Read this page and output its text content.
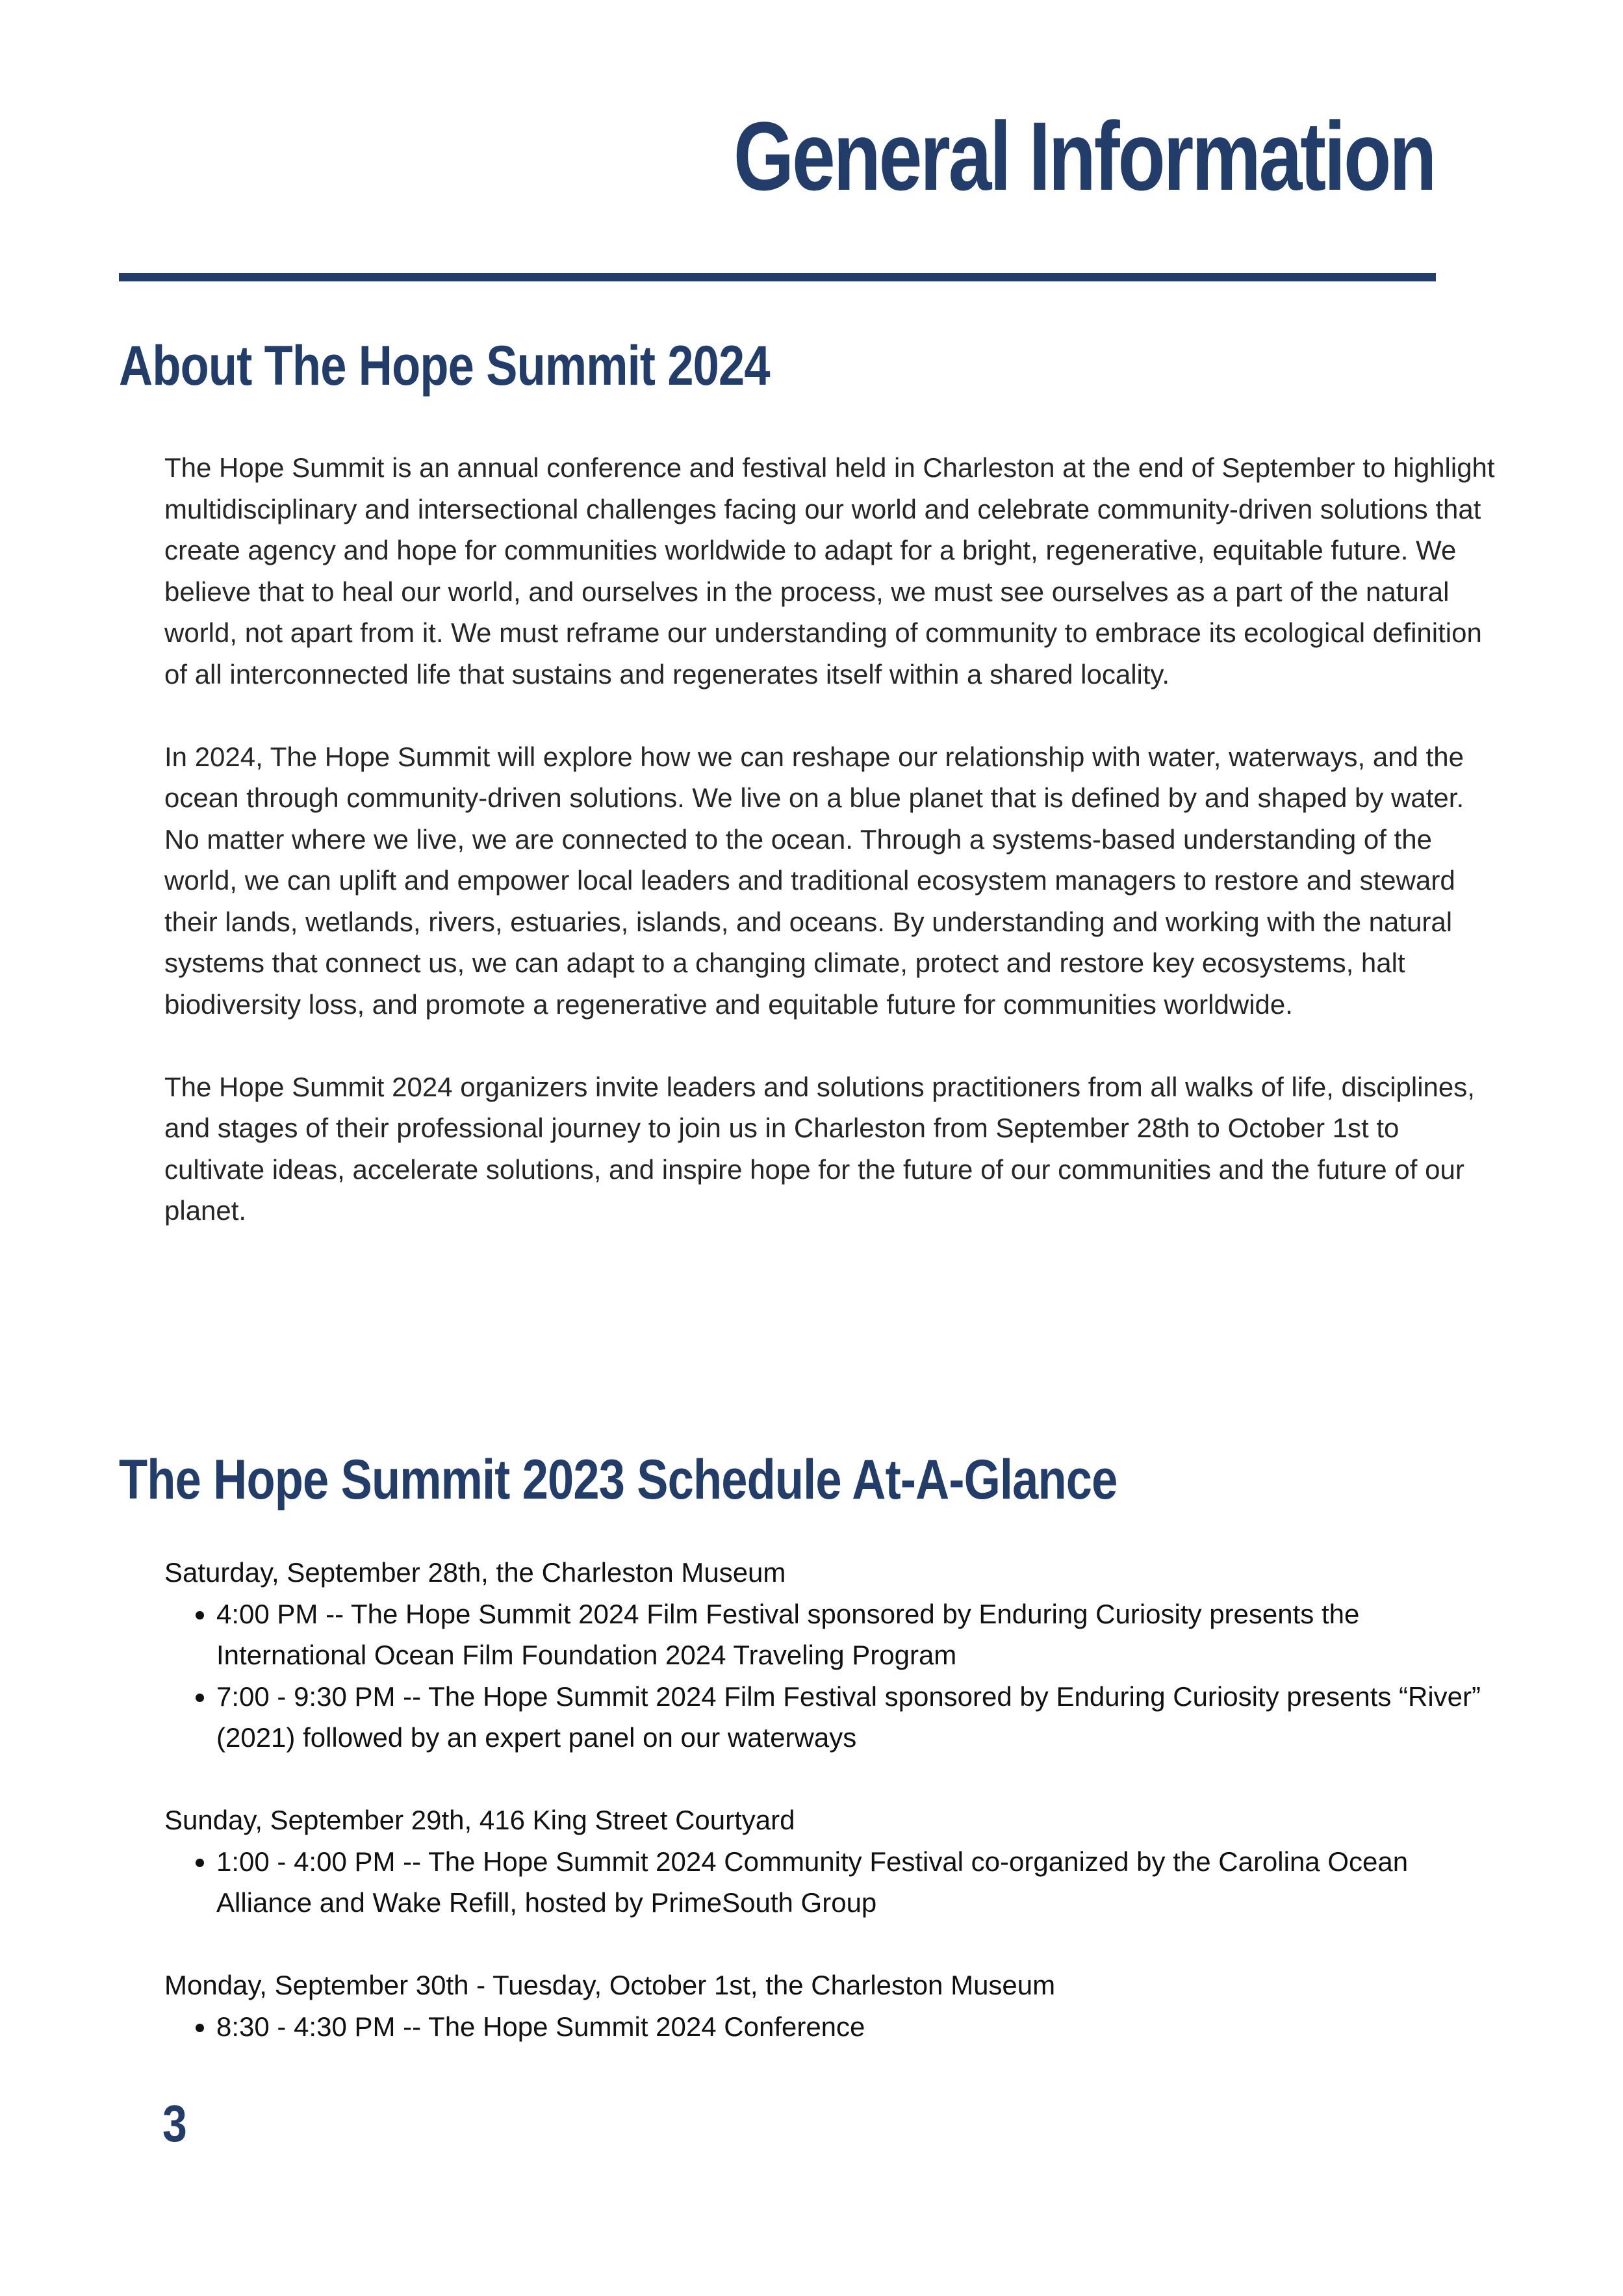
General Information
About The Hope Summit 2024

The Hope Summit is an annual conference and festival held in Charleston at the end of September to highlight multidisciplinary and intersectional challenges facing our world and celebrate community-driven solutions that create agency and hope for communities worldwide to adapt for a bright, regenerative, equitable future. We believe that to heal our world, and ourselves in the process, we must see ourselves as a part of the natural world, not apart from it. We must reframe our understanding of community to embrace its ecological definition of all interconnected life that sustains and regenerates itself within a shared locality.

In 2024, The Hope Summit will explore how we can reshape our relationship with water, waterways, and the ocean through community-driven solutions. We live on a blue planet that is defined by and shaped by water. No matter where we live, we are connected to the ocean. Through a systems-based understanding of the world, we can uplift and empower local leaders and traditional ecosystem managers to restore and steward their lands, wetlands, rivers, estuaries, islands, and oceans. By understanding and working with the natural systems that connect us, we can adapt to a changing climate, protect and restore key ecosystems, halt biodiversity loss, and promote a regenerative and equitable future for communities worldwide.

The Hope Summit 2024 organizers invite leaders and solutions practitioners from all walks of life, disciplines, and stages of their professional journey to join us in Charleston from September 28th to October 1st to cultivate ideas, accelerate solutions, and inspire hope for the future of our communities and the future of our planet.

The Hope Summit 2023 Schedule At-A-Glance

Saturday, September 28th, the Charleston Museum

• 4:00 PM -- The Hope Summit 2024 Film Festival sponsored by Enduring Curiosity presents the International Ocean Film Foundation 2024 Traveling Program
• 7:00 - 9:30 PM -- The Hope Summit 2024 Film Festival sponsored by Enduring Curiosity presents “River” (2021) followed by an expert panel on our waterways

Sunday, September 29th, 416 King Street Courtyard

• 1:00 - 4:00 PM -- The Hope Summit 2024 Community Festival co-organized by the Carolina Ocean Alliance and Wake Refill, hosted by PrimeSouth Group

Monday, September 30th - Tuesday, October 1st, the Charleston Museum

• 8:30 - 4:30 PM -- The Hope Summit 2024 Conference
3
